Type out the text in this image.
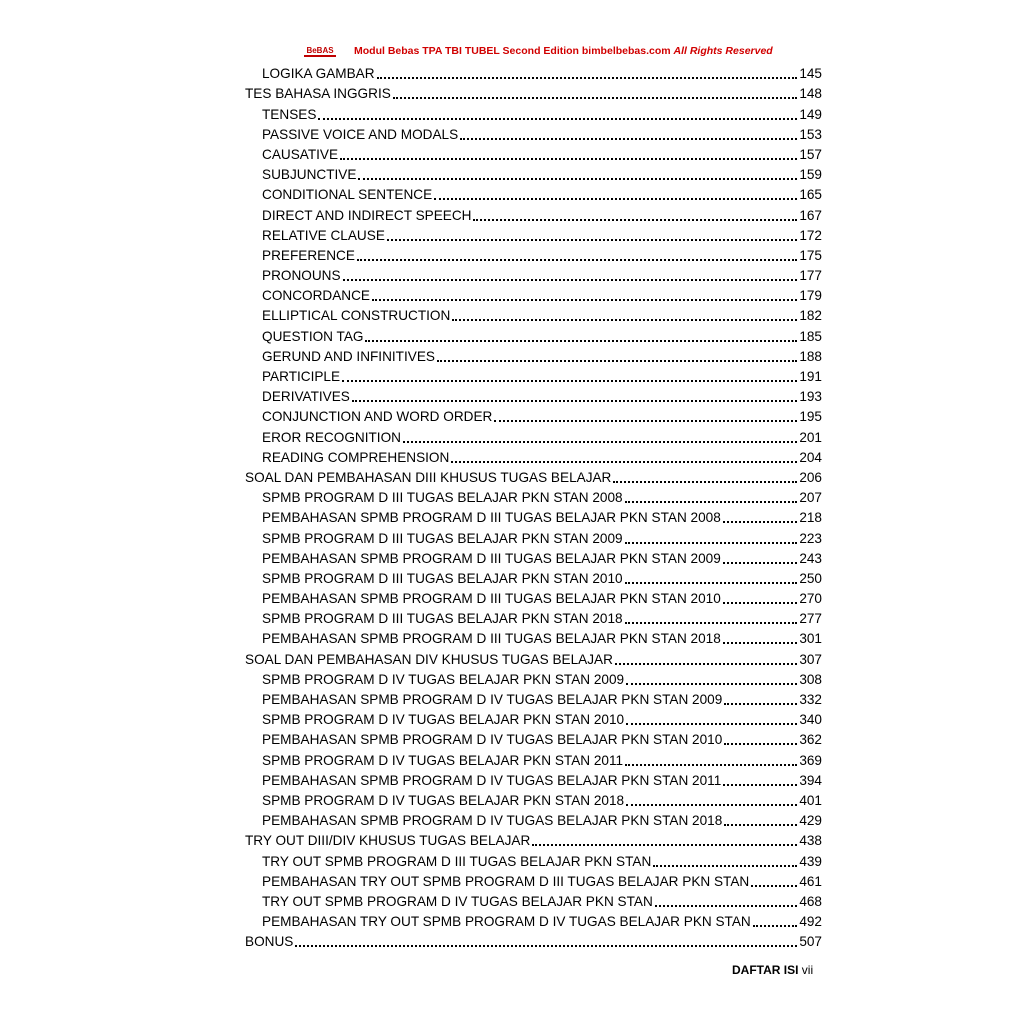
BeBAS Modul Bebas TPA TBI TUBEL Second Edition bimbelbebas.com All Rights Reserved
LOGIKA GAMBAR	145
TES BAHASA INGGRIS	148
TENSES	149
PASSIVE VOICE AND MODALS	153
CAUSATIVE	157
SUBJUNCTIVE	159
CONDITIONAL SENTENCE	165
DIRECT AND INDIRECT SPEECH	167
RELATIVE CLAUSE	172
PREFERENCE	175
PRONOUNS	177
CONCORDANCE	179
ELLIPTICAL CONSTRUCTION	182
QUESTION TAG	185
GERUND AND INFINITIVES	188
PARTICIPLE	191
DERIVATIVES	193
CONJUNCTION AND WORD ORDER	195
EROR RECOGNITION	201
READING COMPREHENSION	204
SOAL DAN PEMBAHASAN DIII KHUSUS TUGAS BELAJAR	206
SPMB PROGRAM D III TUGAS BELAJAR PKN STAN 2008	207
PEMBAHASAN SPMB PROGRAM D III TUGAS BELAJAR PKN STAN 2008	218
SPMB PROGRAM D III TUGAS BELAJAR PKN STAN 2009	223
PEMBAHASAN SPMB PROGRAM D III TUGAS BELAJAR PKN STAN 2009	243
SPMB PROGRAM D III TUGAS BELAJAR PKN STAN 2010	250
PEMBAHASAN SPMB PROGRAM D III TUGAS BELAJAR PKN STAN 2010	270
SPMB PROGRAM D III TUGAS BELAJAR PKN STAN 2018	277
PEMBAHASAN SPMB PROGRAM D III TUGAS BELAJAR PKN STAN 2018	301
SOAL DAN PEMBAHASAN DIV KHUSUS TUGAS BELAJAR	307
SPMB PROGRAM D IV TUGAS BELAJAR PKN STAN 2009	308
PEMBAHASAN SPMB PROGRAM D IV TUGAS BELAJAR PKN STAN 2009	332
SPMB PROGRAM D IV TUGAS BELAJAR PKN STAN 2010	340
PEMBAHASAN SPMB PROGRAM D IV TUGAS BELAJAR PKN STAN 2010	362
SPMB PROGRAM D IV TUGAS BELAJAR PKN STAN 2011	369
PEMBAHASAN SPMB PROGRAM D IV TUGAS BELAJAR PKN STAN 2011	394
SPMB PROGRAM D IV TUGAS BELAJAR PKN STAN 2018	401
PEMBAHASAN SPMB PROGRAM D IV TUGAS BELAJAR PKN STAN 2018	429
TRY OUT DIII/DIV KHUSUS TUGAS BELAJAR	438
TRY OUT SPMB PROGRAM D III TUGAS BELAJAR PKN STAN	439
PEMBAHASAN TRY OUT SPMB PROGRAM D III TUGAS BELAJAR PKN STAN	461
TRY OUT SPMB PROGRAM D IV TUGAS BELAJAR PKN STAN	468
PEMBAHASAN TRY OUT SPMB PROGRAM D IV TUGAS BELAJAR PKN STAN	492
BONUS	507
DAFTAR ISI vii
